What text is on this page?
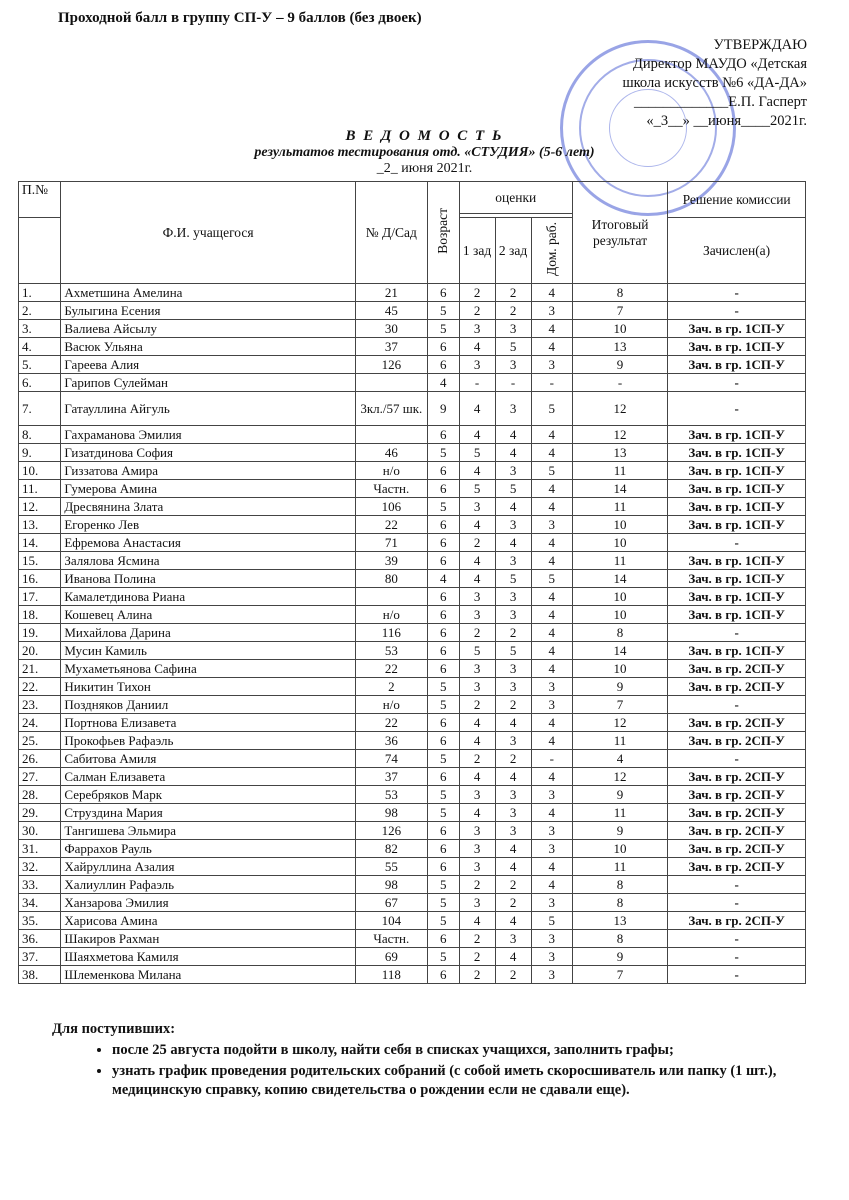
Проходной балл в группу СП-У – 9 баллов (без двоек)
УТВЕРЖДАЮ
Директор МАУДО «Детская
школа искусств №6 «ДА-ДА»
_____________Е.П. Гасперт
«_3__» __июня____2021г.
В Е Д О М О С Т Ь
результатов тестирования отд. «СТУДИЯ» (5-6 лет)
_2_ июня 2021г.
П.№	Ф.И. учащегося	№ Д/Сад	Возраст	оценки			Итоговый результат	Решение комиссии

				1 зад	2 зад	Дом. раб.		Зачислен(а)
1.	Ахметшина Амелина	21	6	2	2	4	8	-
2.	Булыгина Есения	45	5	2	2	3	7	-
3.	Валиева Айсылу	30	5	3	3	4	10	Зач. в гр. 1СП-У
4.	Васюк Ульяна	37	6	4	5	4	13	Зач. в гр. 1СП-У
5.	Гареева Алия	126	6	3	3	3	9	Зач. в гр. 1СП-У
6.	Гарипов Сулейман		4	-	-	-	-	-
7.	Гатауллина Айгуль	3кл./57 шк.	9	4	3	5	12	-
8.	Гахраманова Эмилия		6	4	4	4	12	Зач. в гр. 1СП-У
9.	Гизатдинова София	46	5	5	4	4	13	Зач. в гр. 1СП-У
10.	Гиззатова Амира	н/о	6	4	3	5	11	Зач. в гр. 1СП-У
11.	Гумерова Амина	Частн.	6	5	5	4	14	Зач. в гр. 1СП-У
12.	Дресвянина Злата	106	5	3	4	4	11	Зач. в гр. 1СП-У
13.	Егоренко Лев	22	6	4	3	3	10	Зач. в гр. 1СП-У
14.	Ефремова Анастасия	71	6	2	4	4	10	-
15.	Залялова Ясмина	39	6	4	3	4	11	Зач. в гр. 1СП-У
16.	Иванова Полина	80	4	4	5	5	14	Зач. в гр. 1СП-У
17.	Камалетдинова Риана		6	3	3	4	10	Зач. в гр. 1СП-У
18.	Кошевец Алина	н/о	6	3	3	4	10	Зач. в гр. 1СП-У
19.	Михайлова Дарина	116	6	2	2	4	8	-
20.	Мусин Камиль	53	6	5	5	4	14	Зач. в гр. 1СП-У
21.	Мухаметьянова Сафина	22	6	3	3	4	10	Зач. в гр. 2СП-У
22.	Никитин Тихон	2	5	3	3	3	9	Зач. в гр. 2СП-У
23.	Поздняков Даниил	н/о	5	2	2	3	7	-
24.	Портнова Елизавета	22	6	4	4	4	12	Зач. в гр. 2СП-У
25.	Прокофьев Рафаэль	36	6	4	3	4	11	Зач. в гр. 2СП-У
26.	Сабитова Амиля	74	5	2	2	-	4	-
27.	Салман Елизавета	37	6	4	4	4	12	Зач. в гр. 2СП-У
28.	Серебряков Марк	53	5	3	3	3	9	Зач. в гр. 2СП-У
29.	Струздина Мария	98	5	4	3	4	11	Зач. в гр. 2СП-У
30.	Тангишева Эльмира	126	6	3	3	3	9	Зач. в гр. 2СП-У
31.	Фаррахов Рауль	82	6	3	4	3	10	Зач. в гр. 2СП-У
32.	Хайруллина Азалия	55	6	3	4	4	11	Зач. в гр. 2СП-У
33.	Халиуллин Рафаэль	98	5	2	2	4	8	-
34.	Ханзарова Эмилия	67	5	3	2	3	8	-
35.	Харисова Амина	104	5	4	4	5	13	Зач. в гр. 2СП-У
36.	Шакиров Рахман	Частн.	6	2	3	3	8	-
37.	Шаяхметова Камиля	69	5	2	4	3	9	-
38.	Шлеменкова Милана	118	6	2	2	3	7	-
Для поступивших:
• после 25 августа подойти в школу, найти себя в списках учащихся, заполнить графы;
• узнать график проведения родительских собраний (с собой иметь скоросшиватель или папку (1 шт.), медицинскую справку, копию свидетельства о рождении если не сдавали еще).
